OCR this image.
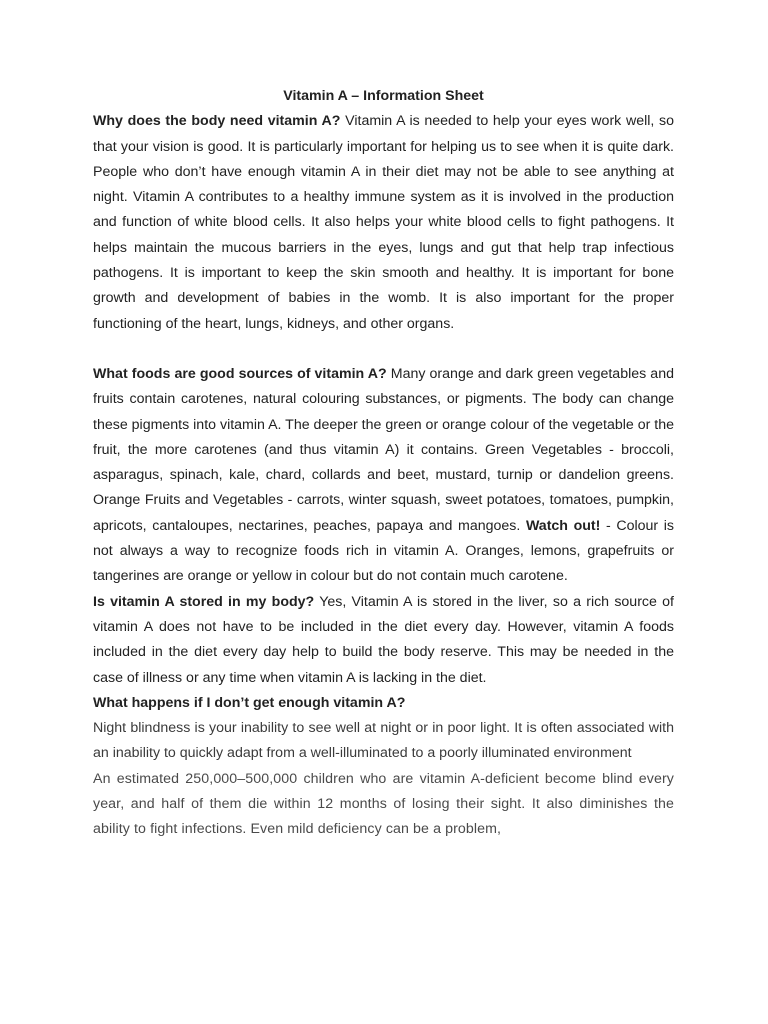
Vitamin A – Information Sheet

Why does the body need vitamin A? Vitamin A is needed to help your eyes work well, so that your vision is good. It is particularly important for helping us to see when it is quite dark. People who don’t have enough vitamin A in their diet may not be able to see anything at night. Vitamin A contributes to a healthy immune system as it is involved in the production and function of white blood cells. It also helps your white blood cells to fight pathogens. It helps maintain the mucous barriers in the eyes, lungs and gut that help trap infectious pathogens. It is important to keep the skin smooth and healthy. It is important for bone growth and development of babies in the womb. It is also important for the proper functioning of the heart, lungs, kidneys, and other organs.

What foods are good sources of vitamin A? Many orange and dark green vegetables and fruits contain carotenes, natural colouring substances, or pigments. The body can change these pigments into vitamin A. The deeper the green or orange colour of the vegetable or the fruit, the more carotenes (and thus vitamin A) it contains. Green Vegetables - broccoli, asparagus, spinach, kale, chard, collards and beet, mustard, turnip or dandelion greens. Orange Fruits and Vegetables - carrots, winter squash, sweet potatoes, tomatoes, pumpkin, apricots, cantaloupes, nectarines, peaches, papaya and mangoes. Watch out! - Colour is not always a way to recognize foods rich in vitamin A. Oranges, lemons, grapefruits or tangerines are orange or yellow in colour but do not contain much carotene.

Is vitamin A stored in my body? Yes, Vitamin A is stored in the liver, so a rich source of vitamin A does not have to be included in the diet every day. However, vitamin A foods included in the diet every day help to build the body reserve. This may be needed in the case of illness or any time when vitamin A is lacking in the diet.

What happens if I don’t get enough vitamin A?

Night blindness is your inability to see well at night or in poor light. It is often associated with an inability to quickly adapt from a well-illuminated to a poorly illuminated environment

An estimated 250,000–500,000 children who are vitamin A-deficient become blind every year, and half of them die within 12 months of losing their sight. It also diminishes the ability to fight infections. Even mild deficiency can be a problem,
